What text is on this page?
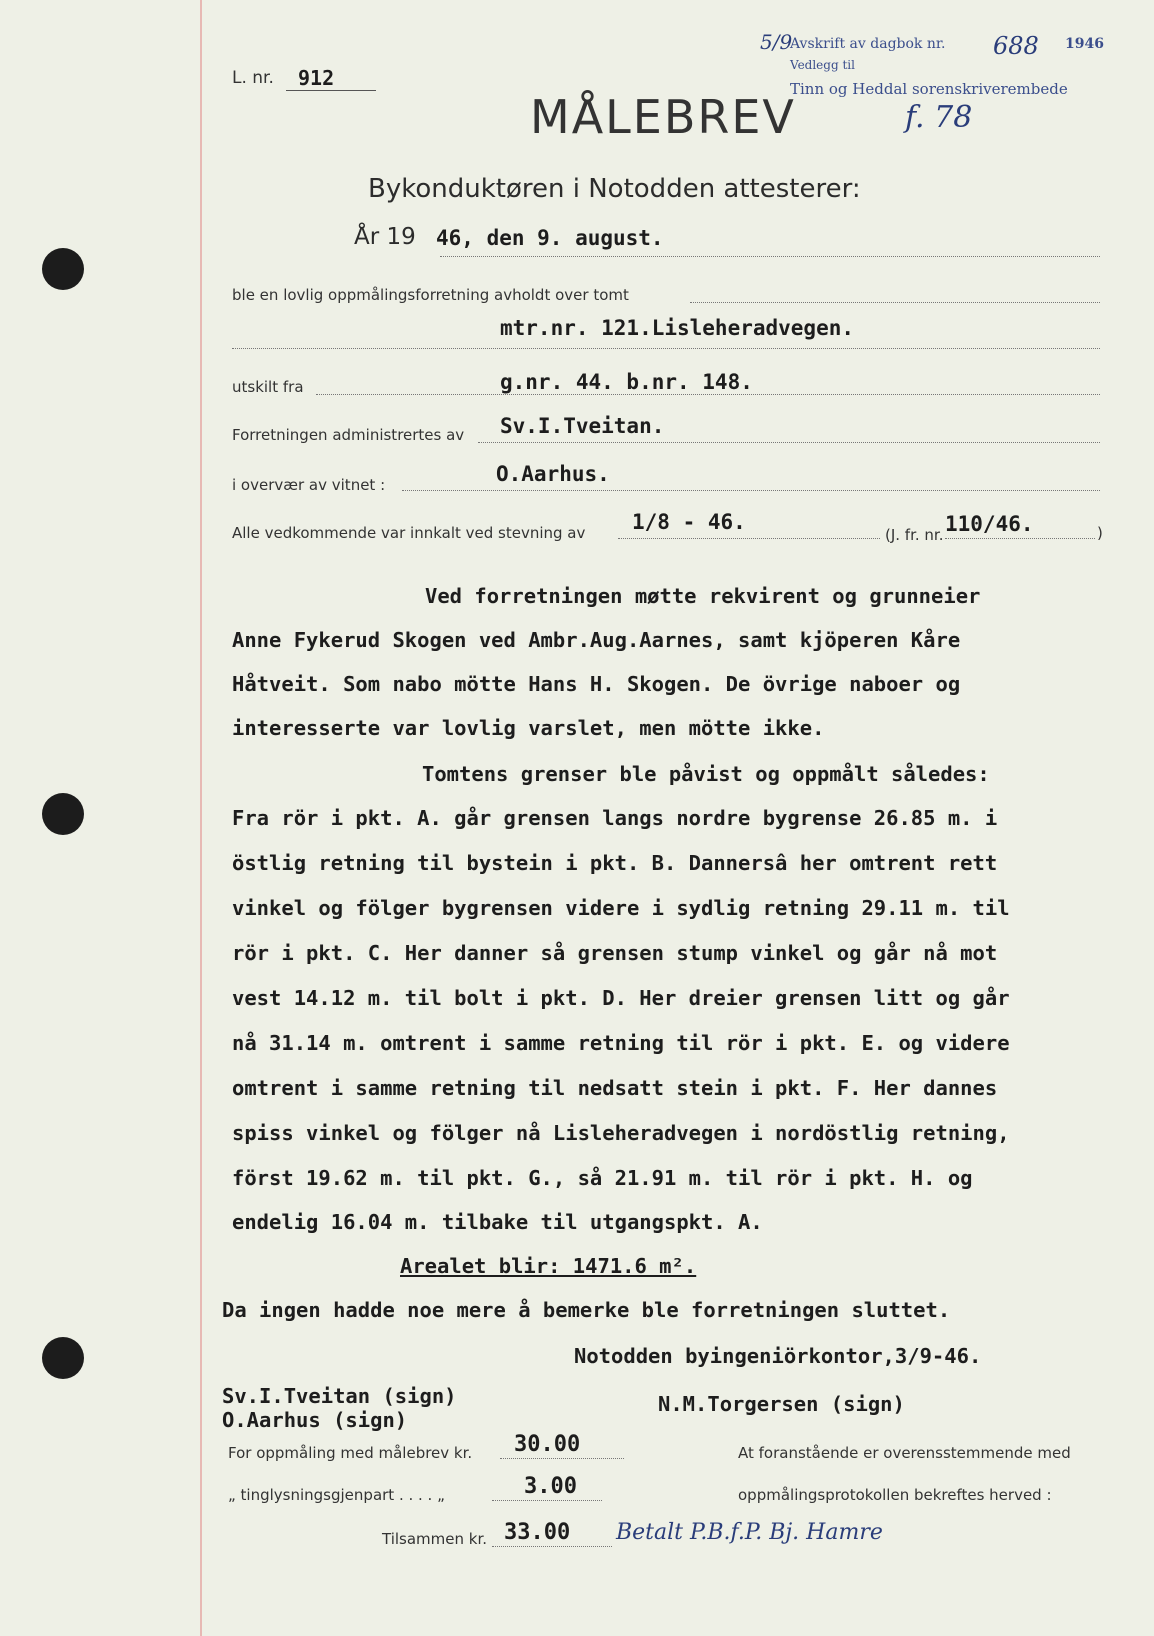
5/9
Avskrift av dagbok nr. 688 1946
Vedlegg til
Tinn og Heddal sorenskriverembede
f. 78
L. nr. 912
MÅLEBREV
Bykonduktøren i Notodden attesterer:
År 19 46, den 9. august.
ble en lovlig oppmålingsforretning avholdt over tomt
mtr.nr. 121.Lisleheradvegen.
utskilt fra	g.nr. 44. b.nr. 148.
Forretningen administrertes av Sv.I.Tveitan.
i overvær av vitnet :	O.Aarhus.
Alle vedkommende var innkalt ved stevning av 1/8 - 46.
(J. fr. nr. 110/46.	)
Ved forretningen møtte rekvirent og grunneier
Anne Fykerud Skogen ved Ambr.Aug.Aarnes, samt kjöperen Kåre
Håtveit. Som nabo mötte Hans H. Skogen. De övrige naboer og
interesserte var lovlig varslet, men mötte ikke.
Tomtens grenser ble påvist og oppmålt således:
Fra rör i pkt. A. går grensen langs nordre bygrense 26.85 m. i
östlig retning til bystein i pkt. B. Dannersâ her omtrent rett
vinkel og fölger bygrensen videre i sydlig retning 29.11 m. til
rör i pkt. C. Her danner så grensen stump vinkel og går nå mot
vest 14.12 m. til bolt i pkt. D. Her dreier grensen litt og går
nå 31.14 m. omtrent i samme retning til rör i pkt. E. og videre
omtrent i samme retning til nedsatt stein i pkt. F. Her dannes
spiss vinkel og fölger nå Lisleheradvegen i nordöstlig retning,
först 19.62 m. til pkt. G., så 21.91 m. til rör i pkt. H. og
endelig 16.04 m. tilbake til utgangspkt. A.
Arealet blir: 1471.6 m².
Da ingen hadde noe mere å bemerke ble forretningen sluttet.
Notodden byingeniörkontor,3/9-46.
Sv.I.Tveitan (sign)
O.Aarhus (sign)
N.M.Torgersen (sign)
For oppmåling med målebrev kr. 30.00
„ tinglysningsgjenpart . . . . „	3.00
Tilsammen kr. 33.00 Betalt P.B.f.P. Bj. Hamre
At foranstående er overensstemmende med
oppmålingsprotokollen bekreftes herved :
